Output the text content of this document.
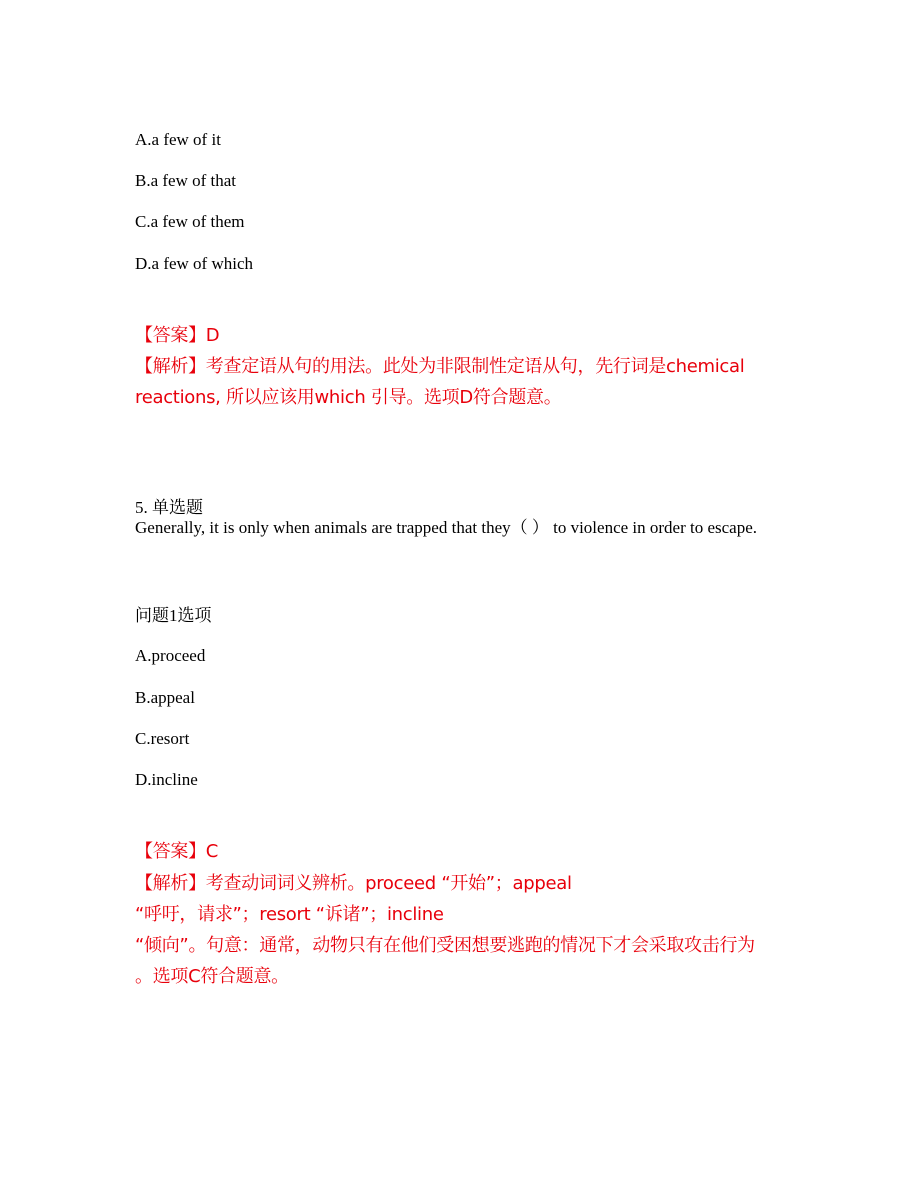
A.a few of it
B.a few of that
C.a few of them
D.a few of which
【答案】D
【解析】考查定语从句的用法。此处为非限制性定语从句，先行词是chemical
reactions, 所以应该用which 引导。选项D符合题意。
5. 单选题
Generally, it is only when animals are trapped that they（ ） to violence in order to escape.
问题1选项
A.proceed
B.appeal
C.resort
D.incline
【答案】C
【解析】考查动词词义辨析。proceed “开始”；appeal
“呼吁，请求”；resort “诉诸”；incline
“倾向”。句意：通常，动物只有在他们受困想要逃跑的情况下才会采取攻击行为
。选项C符合题意。
